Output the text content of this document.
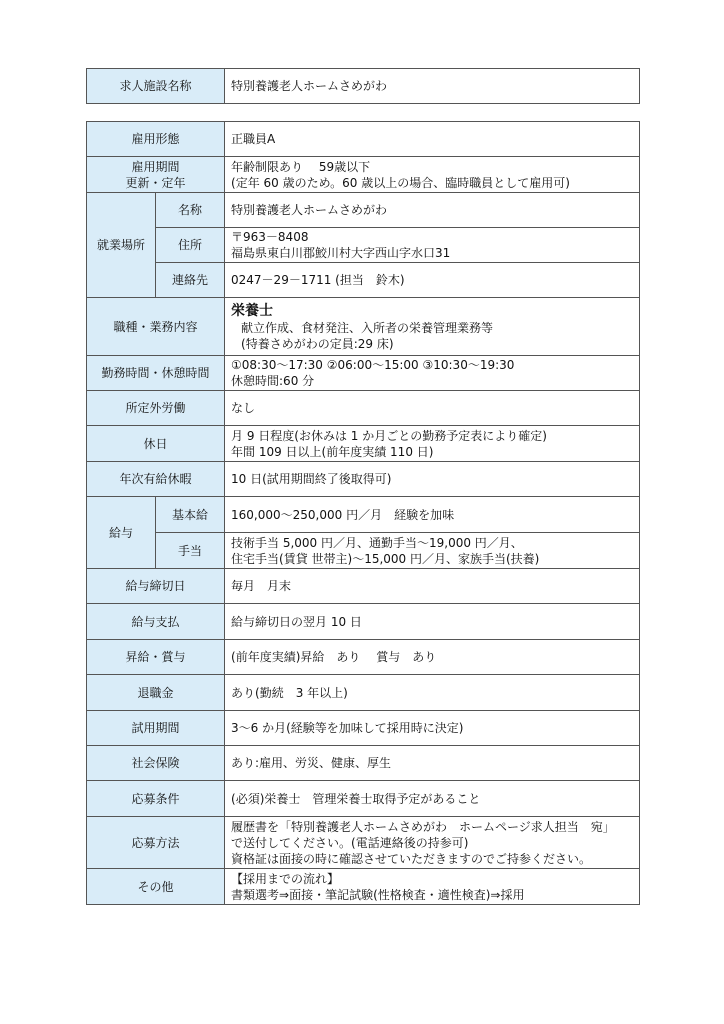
求人施設名称	特別養護老人ホームさめがわ
雇用形態		正職員A

雇用期間
更新・定年		年齢制限あり　 59歳以下
(定年 60 歳のため。60 歳以上の場合、臨時職員として雇用可)

就業場所	名称	特別養護老人ホームさめがわ
	住所	〒963－8408
福島県東白川郡鮫川村大字西山字水口31

	連絡先	0247－29－1711 (担当　鈴木)
職種・業務内容		栄養士
献立作成、食材発注、入所者の栄養管理業務等
(特養さめがわの定員:29 床)

勤務時間・休憩時間		①08:30～17:30 ②06:00～15:00 ③10:30～19:30
休憩時間:60 分

所定外労働		なし
休日		月 9 日程度(お休みは 1 か月ごとの勤務予定表により確定)
年間 109 日以上(前年度実績 110 日)

年次有給休暇		10 日(試用期間終了後取得可)
給与	基本給	160,000～250,000 円／月　経験を加味
	手当	技術手当 5,000 円／月、通勤手当～19,000 円／月、
住宅手当(賃貸 世帯主)～15,000 円／月、家族手当(扶養)

給与締切日		毎月　月末
給与支払		給与締切日の翌月 10 日
昇給・賞与		(前年度実績)昇給　あり　 賞与　あり
退職金		あり(勤続　3 年以上)
試用期間		3～6 か月(経験等を加味して採用時に決定)
社会保険		あり:雇用、労災、健康、厚生
応募条件		(必須)栄養士　管理栄養士取得予定があること
応募方法		履歴書を「特別養護老人ホームさめがわ　ホームページ求人担当　宛」
で送付してください。(電話連絡後の持参可)
資格証は面接の時に確認させていただきますのでご持参ください。

その他		【採用までの流れ】
書類選考⇒面接・筆記試験(性格検査・適性検査)⇒採用
